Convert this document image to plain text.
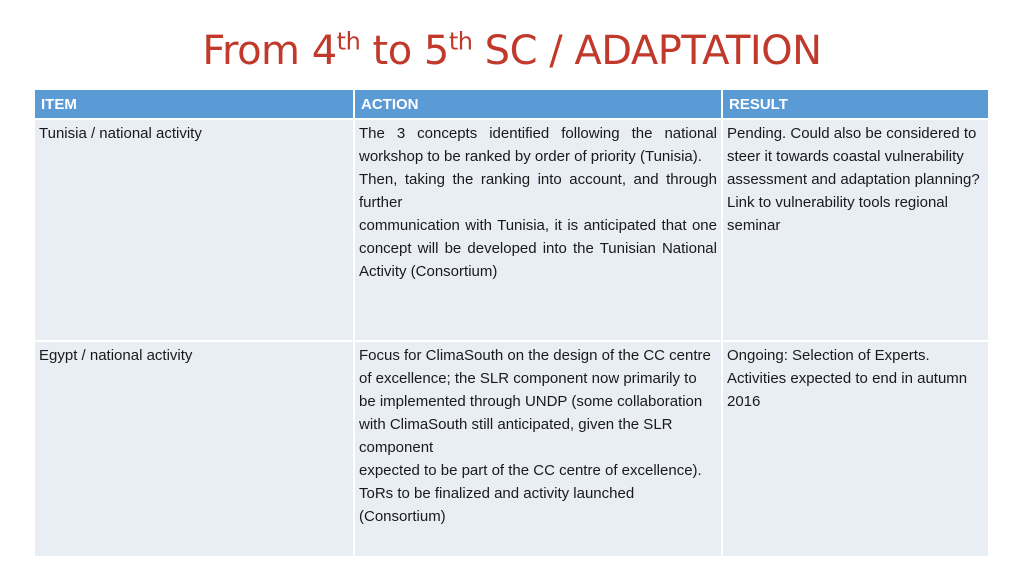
From 4th to 5th SC / ADAPTATION
ITEM	ACTION	RESULT
Tunisia / national activity	The 3 concepts identified following the national workshop to be ranked by order of priority (Tunisia).
Then, taking the ranking into account, and through further
communication with Tunisia, it is anticipated that one concept will be developed into the Tunisian National Activity (Consortium)	Pending. Could also be considered to steer it towards coastal vulnerability assessment and adaptation planning? Link to vulnerability tools regional seminar
Egypt / national activity	Focus for ClimaSouth on the design of the CC centre of excellence; the SLR component now primarily to be implemented through UNDP (some collaboration with ClimaSouth still anticipated, given the SLR component
expected to be part of the CC centre of excellence). ToRs to be finalized and activity launched (Consortium)	Ongoing: Selection of Experts. Activities expected to end in autumn 2016
